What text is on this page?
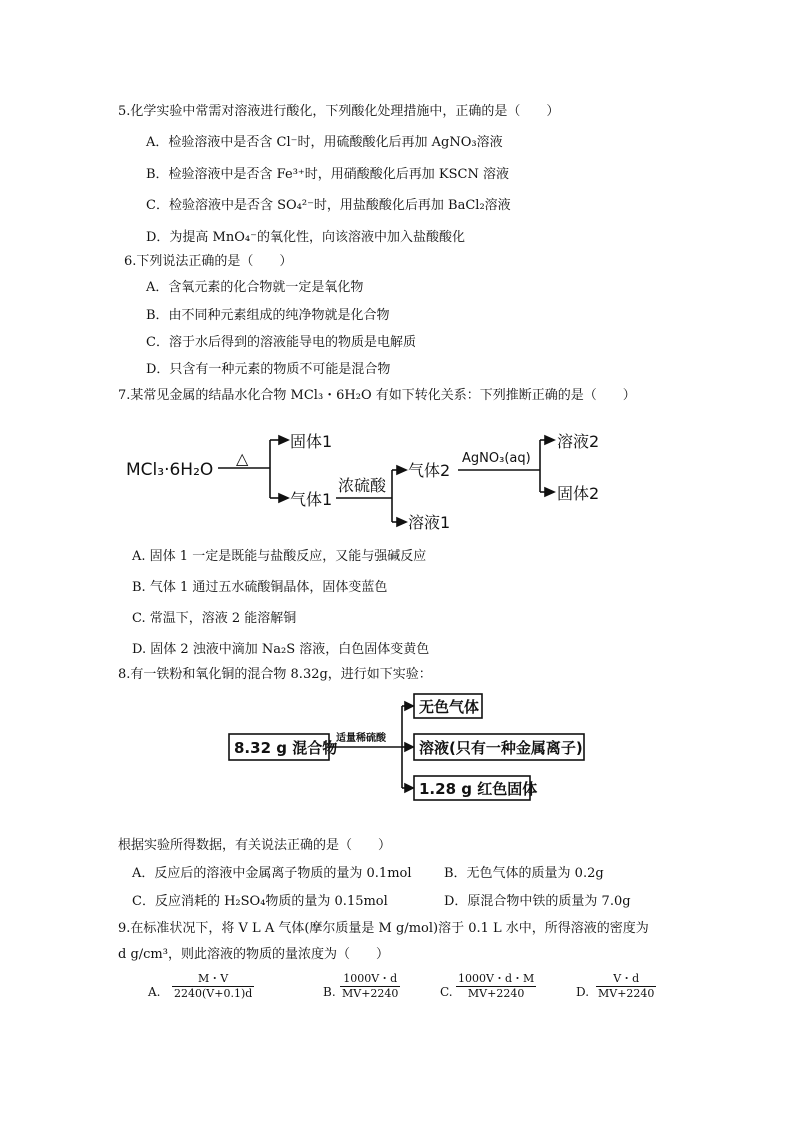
5.化学实验中常需对溶液进行酸化，下列酸化处理措施中，正确的是（　　）
A．检验溶液中是否含 Cl⁻时，用硫酸酸化后再加 AgNO₃溶液
B．检验溶液中是否含 Fe³⁺时，用硝酸酸化后再加 KSCN 溶液
C．检验溶液中是否含 SO₄²⁻时，用盐酸酸化后再加 BaCl₂溶液
D．为提高 MnO₄⁻的氧化性，向该溶液中加入盐酸酸化
6.下列说法正确的是（　　）
A．含氧元素的化合物就一定是氧化物
B．由不同种元素组成的纯净物就是化合物
C．溶于水后得到的溶液能导电的物质是电解质
D．只含有一种元素的物质不可能是混合物
7.某常见金属的结晶水化合物 MCl₃・6H₂O 有如下转化关系：下列推断正确的是（　　）
MCl₃·6H₂O
△
固体1
气体1
浓硫酸
气体2
溶液1
AgNO₃(aq)
溶液2
固体2
A. 固体 1 一定是既能与盐酸反应，又能与强碱反应
B. 气体 1 通过五水硫酸铜晶体，固体变蓝色
C. 常温下，溶液 2 能溶解铜
D. 固体 2 浊液中滴加 Na₂S 溶液，白色固体变黄色
8.有一铁粉和氧化铜的混合物 8.32g，进行如下实验：
8.32 g 混合物
适量稀硫酸
无色气体
溶液(只有一种金属离子)
1.28 g 红色固体
根据实验所得数据，有关说法正确的是（　　）
A．反应后的溶液中金属离子物质的量为 0.1mol B．无色气体的质量为 0.2g
C．反应消耗的 H₂SO₄物质的量为 0.15mol	D．原混合物中铁的质量为 7.0g
9.在标准状况下，将 V L A 气体(摩尔质量是 M g/mol)溶于 0.1 L 水中，所得溶液的密度为
d g/cm³，则此溶液的物质的量浓度为（　　）
A. $\frac{M・V}{2240(V+0.1)d}$	B. $\frac{1000V・d}{MV+2240}$	C. $\frac{1000V・d・M}{MV+2240}$	D. $\frac{V・d}{MV+2240}$
